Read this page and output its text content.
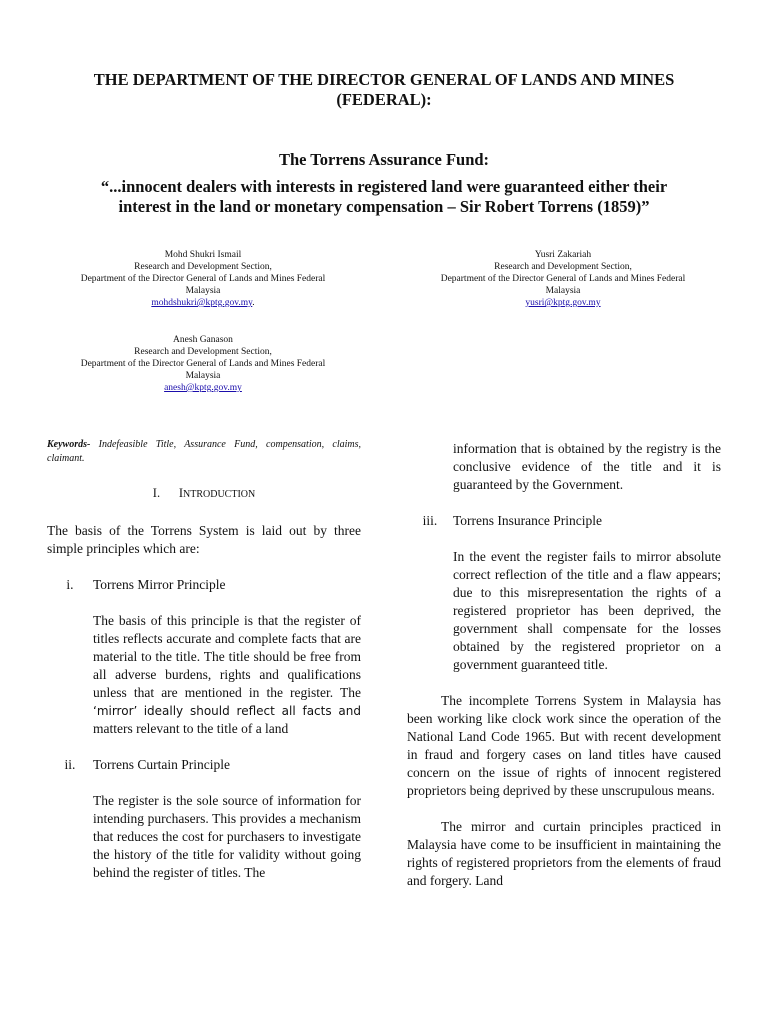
THE DEPARTMENT OF THE DIRECTOR GENERAL OF LANDS AND MINES
(FEDERAL):
The Torrens Assurance Fund:
“...innocent dealers with interests in registered land were guaranteed either their
interest in the land or monetary compensation – Sir Robert Torrens (1859)”
Mohd Shukri Ismail
Research and Development Section,
Department of the Director General of Lands and Mines Federal
Malaysia
mohdshukri@kptg.gov.my.
Yusri Zakariah
Research and Development Section,
Department of the Director General of Lands and Mines Federal
Malaysia
yusri@kptg.gov.my
Anesh Ganason
Research and Development Section,
Department of the Director General of Lands and Mines Federal
Malaysia
anesh@kptg.gov.my

Keywords- Indefeasible Title, Assurance Fund, compensation, claims, claimant.

I. INTRODUCTION

The basis of the Torrens System is laid out by three simple principles which are:

i.	Torrens Mirror Principle

The basis of this principle is that the register of titles reflects accurate and complete facts that are material to the title. The title should be free from all adverse burdens, rights and qualifications unless that are mentioned in the register. The ‘mirror’ ideally should reflect all facts and matters relevant to the title of a land

ii.	Torrens Curtain Principle

The register is the sole source of information for intending purchasers. This provides a mechanism that reduces the cost for purchasers to investigate the history of the title for validity without going behind the register of titles. The

information that is obtained by the registry is the conclusive evidence of the title and it is guaranteed by the Government.

iii.	Torrens Insurance Principle

In the event the register fails to mirror absolute correct reflection of the title and a flaw appears; due to this misrepresentation the rights of a registered proprietor has been deprived, the government shall compensate for the losses obtained by the registered proprietor on a government guaranteed title.

The incomplete Torrens System in Malaysia has been working like clock work since the operation of the National Land Code 1965. But with recent development in fraud and forgery cases on land titles have caused concern on the issue of rights of innocent registered proprietors being deprived by these unscrupulous means.

The mirror and curtain principles practiced in Malaysia have come to be insufficient in maintaining the rights of registered proprietors from the elements of fraud and forgery. Land
